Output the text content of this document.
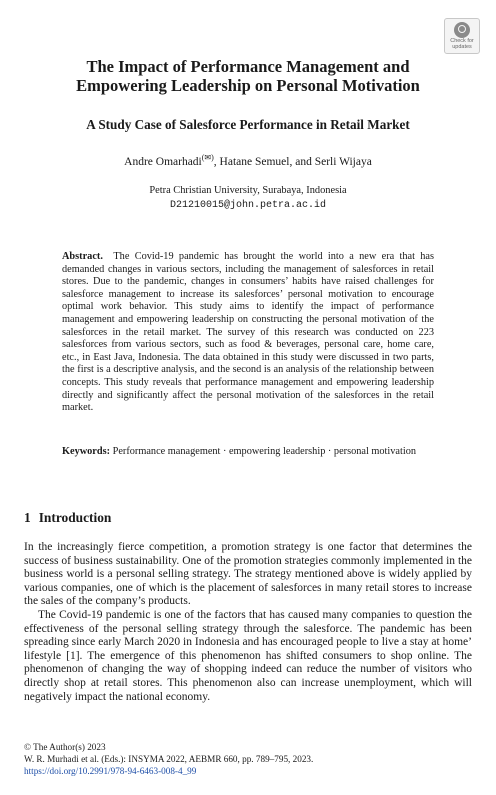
Check for
updates
The Impact of Performance Management and Empowering Leadership on Personal Motivation
A Study Case of Salesforce Performance in Retail Market
Andre Omarhadi(✉), Hatane Semuel, and Serli Wijaya
Petra Christian University, Surabaya, Indonesia
D21210015@john.petra.ac.id

Abstract. The Covid-19 pandemic has brought the world into a new era that has demanded changes in various sectors, including the management of salesforces in retail stores. Due to the pandemic, changes in consumers’ habits have raised challenges for salesforce management to increase its salesforces’ personal motivation to encourage optimal work behavior. This study aims to identify the impact of performance management and empowering leadership on constructing the personal motivation of the salesforces in the retail market. The survey of this research was conducted on 223 salesforces from various sectors, such as food & beverages, personal care, home care, etc., in East Java, Indonesia. The data obtained in this study were discussed in two parts, the first is a descriptive analysis, and the second is an analysis of the relationship between concepts. This study reveals that performance management and empowering leadership directly and significantly affect the personal motivation of the salesforces in the retail market.

Keywords: Performance management · empowering leadership · personal motivation

1 Introduction

In the increasingly fierce competition, a promotion strategy is one factor that determines the success of business sustainability. One of the promotion strategies commonly implemented in the business world is a personal selling strategy. The strategy mentioned above is widely applied by various companies, one of which is the placement of salesforces in many retail stores to increase the sales of the company’s products.

The Covid-19 pandemic is one of the factors that has caused many companies to question the effectiveness of the personal selling strategy through the salesforce. The pandemic has been spreading since early March 2020 in Indonesia and has encouraged people to live a stay at home’ lifestyle [1]. The emergence of this phenomenon has shifted consumers to shop online. The phenomenon of changing the way of shopping indeed can reduce the number of visitors who directly shop at retail stores. This phenomenon also can increase unemployment, which will negatively impact the national economy.

© The Author(s) 2023
W. R. Murhadi et al. (Eds.): INSYMA 2022, AEBMR 660, pp. 789–795, 2023.
https://doi.org/10.2991/978-94-6463-008-4_99
